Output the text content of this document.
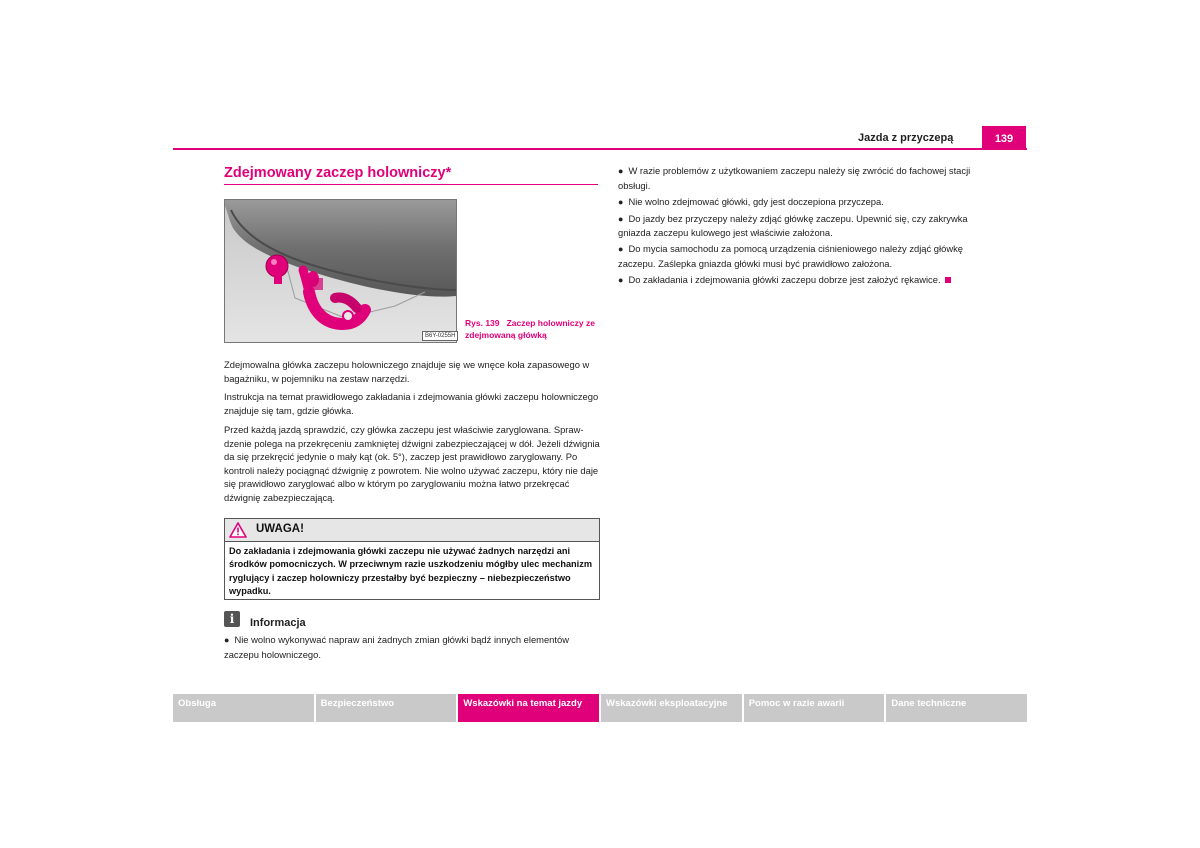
Jazda z przyczepą	139
Zdejmowany zaczep holowniczy*
B6Y-0255H
Rys. 139 Zaczep holowniczy ze zdejmowaną główką
Zdejmowalna główka zaczepu holowniczego znajduje się we wnęce koła zapasowego w bagażniku, w pojemniku na zestaw narzędzi.
Instrukcja na temat prawidłowego zakładania i zdejmowania główki zaczepu holowniczego znajduje się tam, gdzie główka.
Przed każdą jazdą sprawdzić, czy główka zaczepu jest właściwie zaryglowana. Sprawdzenie polega na przekręceniu zamkniętej dźwigni zabezpieczającej w dół. Jeżeli dźwignia da się przekręcić jedynie o mały kąt (ok. 5°), zaczep jest prawidłowo zaryglowany. Po kontroli należy pociągnąć dźwignię z powrotem. Nie wolno używać zaczepu, który nie daje się prawidłowo zaryglować albo w którym po zaryglowaniu można łatwo przekręcać dźwignię zabezpieczającą.
UWAGA!
Do zakładania i zdejmowania główki zaczepu nie używać żadnych narzędzi ani środków pomocniczych. W przeciwnym razie uszkodzeniu mógłby ulec mechanizm ryglujący i zaczep holowniczy przestałby być bezpieczny – niebezpieczeństwo wypadku.
i	Informacja
● Nie wolno wykonywać napraw ani żadnych zmian główki bądź innych elementów zaczepu holowniczego.
● W razie problemów z użytkowaniem zaczepu należy się zwrócić do fachowej stacji obsługi.
● Nie wolno zdejmować główki, gdy jest doczepiona przyczepa.
● Do jazdy bez przyczepy należy zdjąć główkę zaczepu. Upewnić się, czy zakrywka gniazda zaczepu kulowego jest właściwie założona.
● Do mycia samochodu za pomocą urządzenia ciśnieniowego należy zdjąć główkę zaczepu. Zaślepka gniazda główki musi być prawidłowo założona.
● Do zakładania i zdejmowania główki zaczepu dobrze jest założyć rękawice.
Obsługa	Bezpieczeństwo	Wskazówki na temat jazdy	Wskazówki eksploatacyjne	Pomoc w razie awarii	Dane techniczne
